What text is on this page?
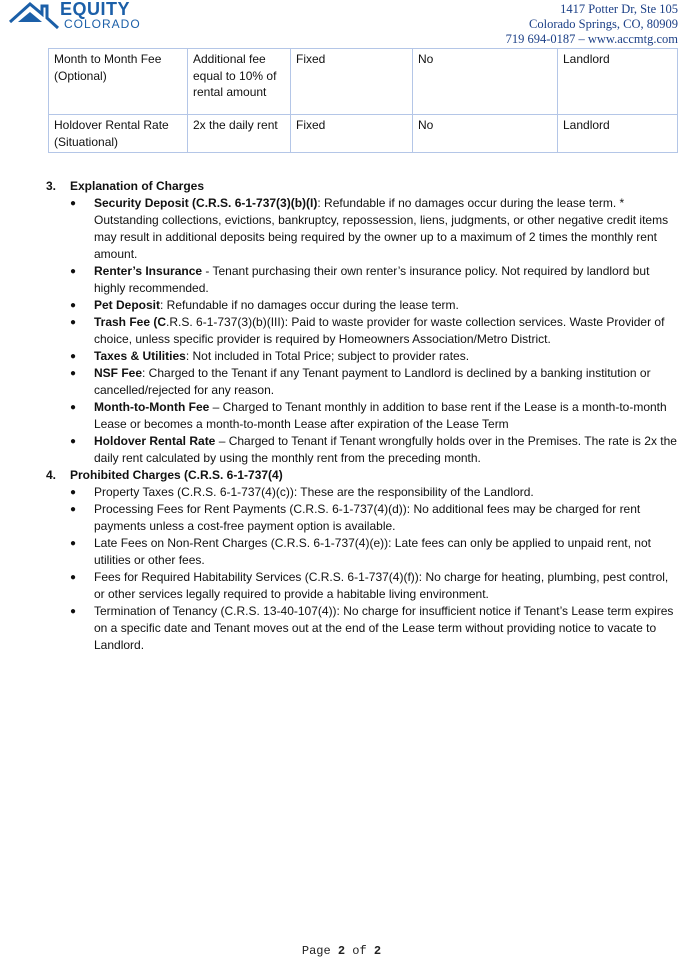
EQUITY
COLORADO
1417 Potter Dr, Ste 105
Colorado Springs, CO, 80909
719 694-0187 – www.accmtg.com
Month to Month Fee (Optional)	Additional fee equal to 10% of rental amount	Fixed	No	Landlord
Holdover Rental Rate (Situational)	2x the daily rent	Fixed	No	Landlord
3. Explanation of Charges
● Security Deposit (C.R.S. 6-1-737(3)(b)(I): Refundable if no damages occur during the lease term. * Outstanding collections, evictions, bankruptcy, repossession, liens, judgments, or other negative credit items may result in additional deposits being required by the owner up to a maximum of 2 times the monthly rent amount.
● Renter’s Insurance - Tenant purchasing their own renter’s insurance policy. Not required by landlord but highly recommended.
● Pet Deposit: Refundable if no damages occur during the lease term.
● Trash Fee (C.R.S. 6-1-737(3)(b)(III): Paid to waste provider for waste collection services. Waste Provider of choice, unless specific provider is required by Homeowners Association/Metro District.
● Taxes & Utilities: Not included in Total Price; subject to provider rates.
● NSF Fee: Charged to the Tenant if any Tenant payment to Landlord is declined by a banking institution or cancelled/rejected for any reason.
● Month-to-Month Fee – Charged to Tenant monthly in addition to base rent if the Lease is a month-to-month Lease or becomes a month-to-month Lease after expiration of the Lease Term
● Holdover Rental Rate – Charged to Tenant if Tenant wrongfully holds over in the Premises. The rate is 2x the daily rent calculated by using the monthly rent from the preceding month.
4. Prohibited Charges (C.R.S. 6-1-737(4)
● Property Taxes (C.R.S. 6-1-737(4)(c)): These are the responsibility of the Landlord.
● Processing Fees for Rent Payments (C.R.S. 6-1-737(4)(d)): No additional fees may be charged for rent payments unless a cost-free payment option is available.
● Late Fees on Non-Rent Charges (C.R.S. 6-1-737(4)(e)): Late fees can only be applied to unpaid rent, not utilities or other fees.
● Fees for Required Habitability Services (C.R.S. 6-1-737(4)(f)): No charge for heating, plumbing, pest control, or other services legally required to provide a habitable living environment.
● Termination of Tenancy (C.R.S. 13-40-107(4)): No charge for insufficient notice if Tenant’s Lease term expires on a specific date and Tenant moves out at the end of the Lease term without providing notice to vacate to Landlord.
Page 2 of 2
